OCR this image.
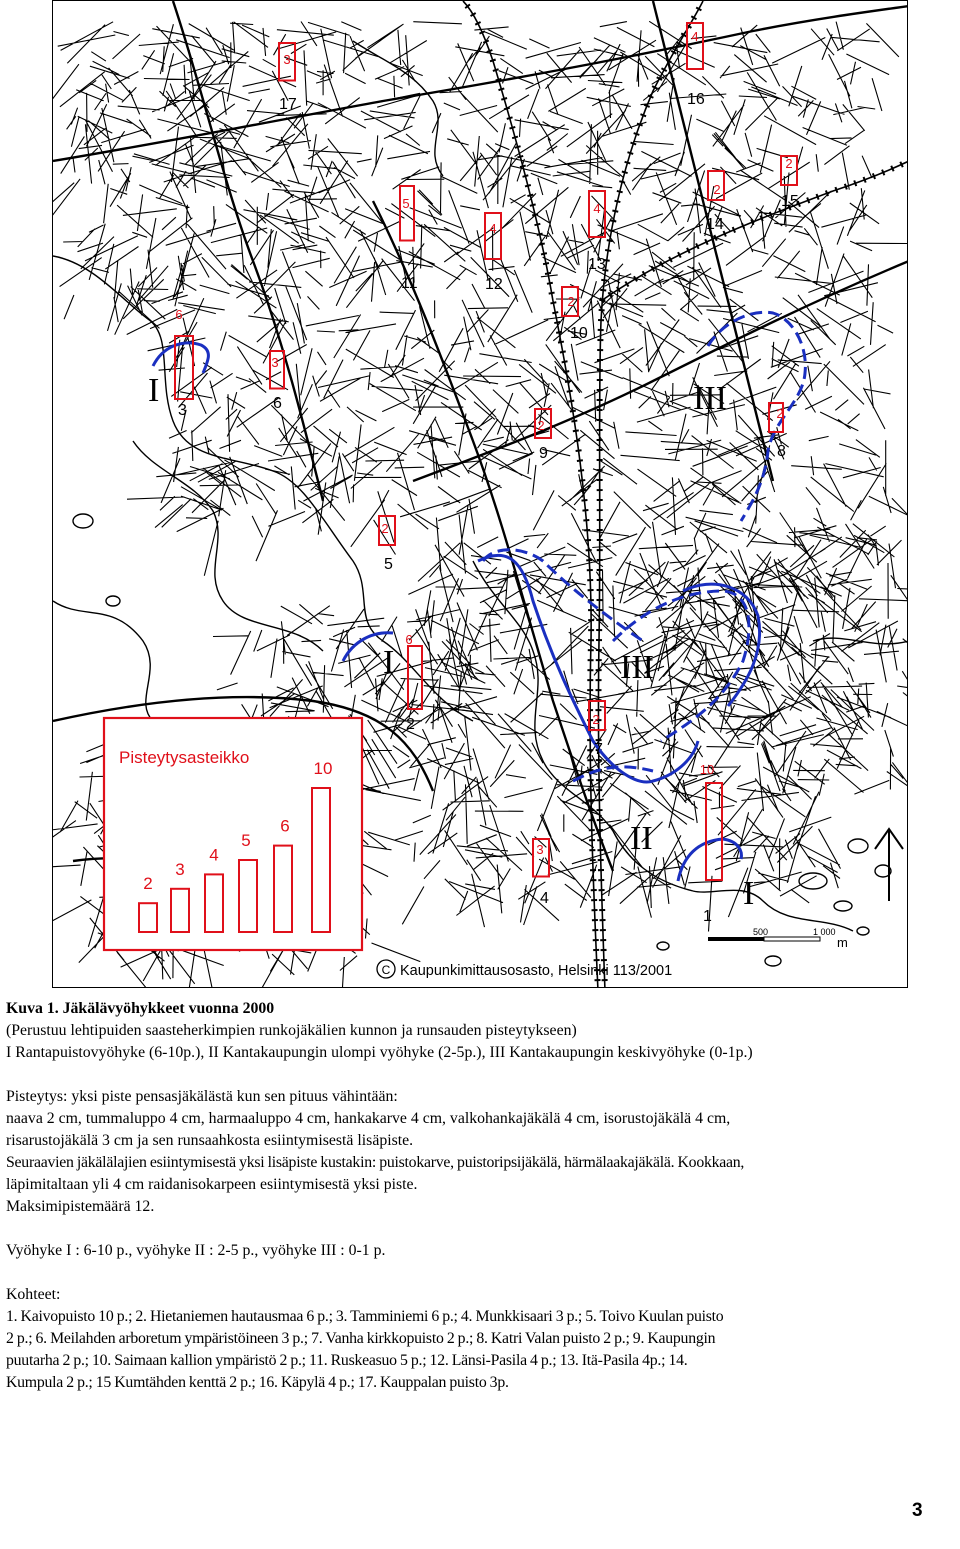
I
I
I
II
III
III
10
1
6
2
6
3
3
4
2
5
3
6
2
7
2
8
2
9
2
10
5
11
4
12
4
13
2
14
2
15
4
16
3
17
Pisteytysasteikko
2
3
4
5
6
10
500	1 000
m
C Kaupunkimittausosasto, Helsinki 113/2001

Kuva 1. Jäkälävyöhykkeet vuonna 2000

(Perustuu lehtipuiden saasteherkimpien runkojäkälien kunnon ja runsauden pisteytykseen)

I Rantapuistovyöhyke (6-10p.), II Kantakaupungin ulompi vyöhyke (2-5p.), III Kantakaupungin keskivyöhyke (0-1p.)

Pisteytys: yksi piste pensasjäkälästä kun sen pituus vähintään:

naava 2 cm, tummaluppo 4 cm, harmaaluppo 4 cm, hankakarve 4 cm, valkohankajäkälä 4 cm, isorustojäkälä 4 cm,

risarustojäkälä 3 cm ja sen runsaahkosta esiintymisestä lisäpiste.

Seuraavien jäkälälajien esiintymisestä yksi lisäpiste kustakin: puistokarve, puistoripsijäkälä, härmälaakajäkälä. Kookkaan,

läpimitaltaan yli 4 cm raidanisokarpeen esiintymisestä yksi piste.

Maksimipistemäärä 12.

Vyöhyke I : 6-10 p., vyöhyke II : 2-5 p., vyöhyke III : 0-1 p.

Kohteet:

1. Kaivopuisto 10 p.; 2. Hietaniemen hautausmaa 6 p.; 3. Tamminiemi 6 p.; 4. Munkkisaari 3 p.; 5. Toivo Kuulan puisto

2 p.; 6. Meilahden arboretum ympäristöineen 3 p.; 7. Vanha kirkkopuisto 2 p.; 8. Katri Valan puisto 2 p.; 9. Kaupungin

puutarha 2 p.; 10. Saimaan kallion ympäristö 2 p.; 11. Ruskeasuo 5 p.; 12. Länsi-Pasila 4 p.; 13. Itä-Pasila 4p.; 14.

Kumpula 2 p.; 15 Kumtähden kenttä 2 p.; 16. Käpylä 4 p.; 17. Kauppalan puisto 3p.

3
